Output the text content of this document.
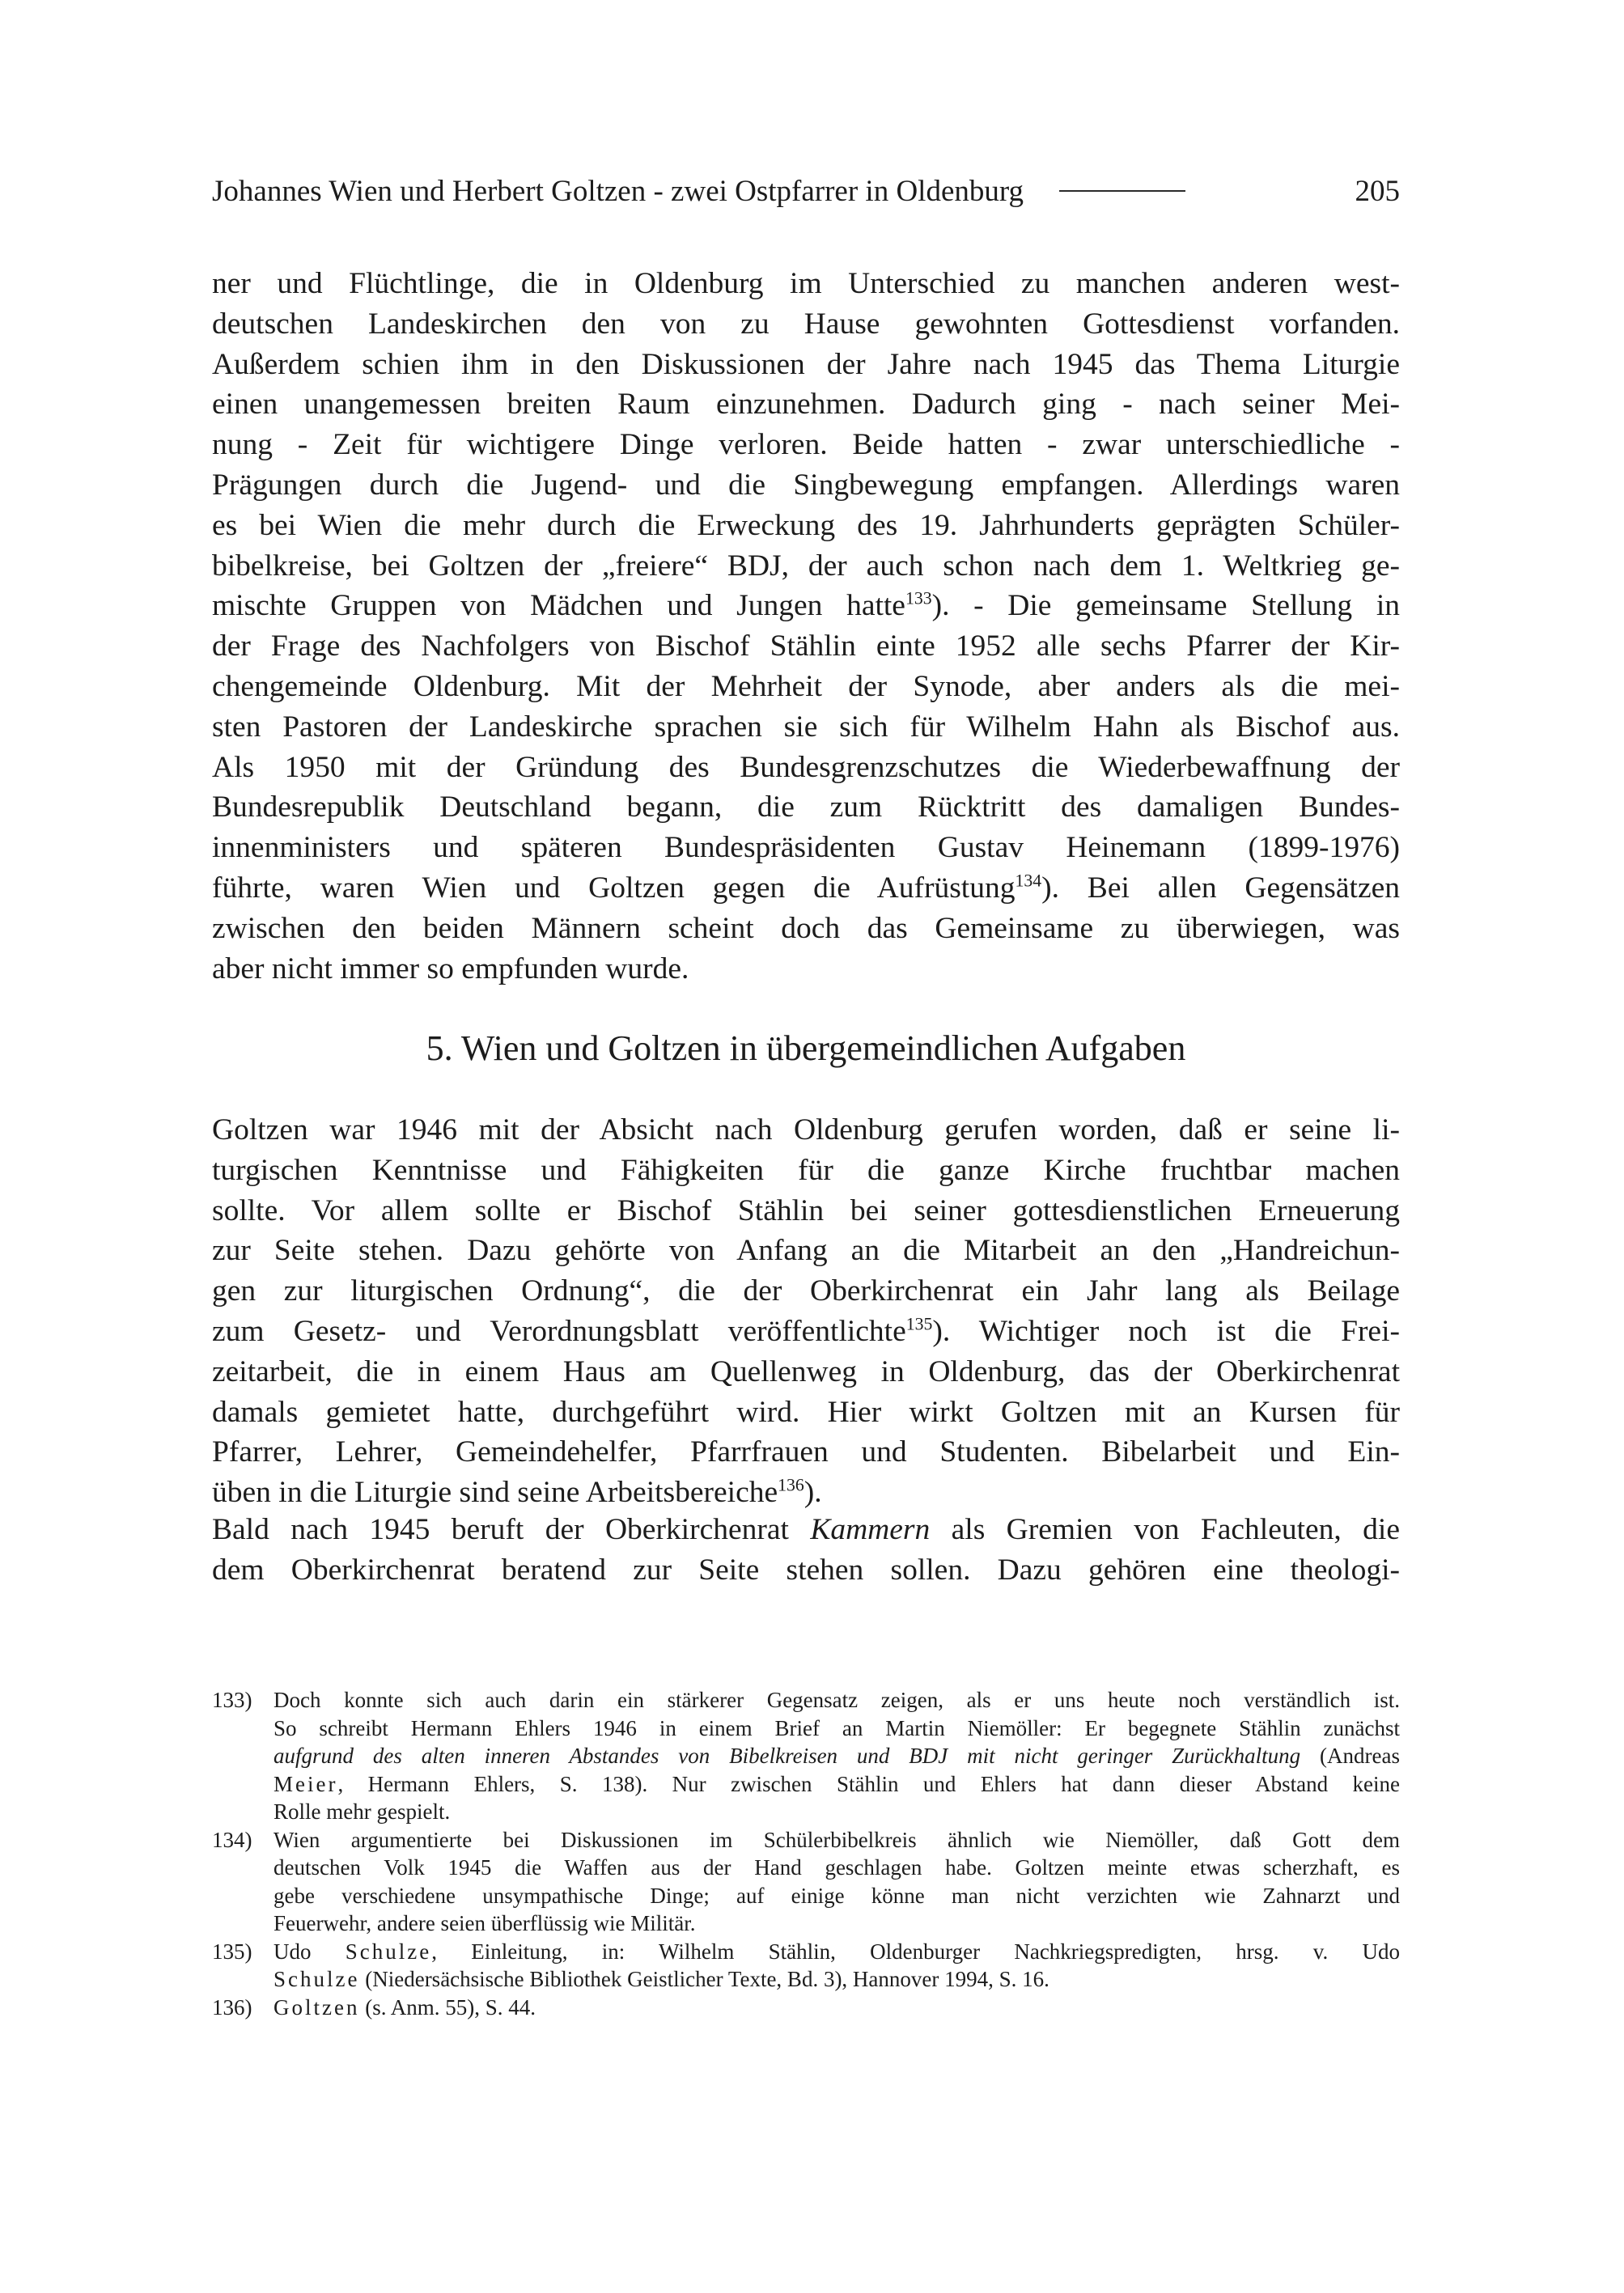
Johannes Wien und Herbert Goltzen - zwei Ostpfarrer in Oldenburg	205

ner und Flüchtlinge, die in Oldenburg im Unterschied zu manchen anderen west-
deutschen Landeskirchen den von zu Hause gewohnten Gottesdienst vorfanden.
Außerdem schien ihm in den Diskussionen der Jahre nach 1945 das Thema Liturgie
einen unangemessen breiten Raum einzunehmen. Dadurch ging - nach seiner Mei-
nung - Zeit für wichtigere Dinge verloren. Beide hatten - zwar unterschiedliche -
Prägungen durch die Jugend- und die Singbewegung empfangen. Allerdings waren
es bei Wien die mehr durch die Erweckung des 19. Jahrhunderts geprägten Schüler-
bibelkreise, bei Goltzen der „freiere“ BDJ, der auch schon nach dem 1. Weltkrieg ge-
mischte Gruppen von Mädchen und Jungen hatte$^{133}$). - Die gemeinsame Stellung in
der Frage des Nachfolgers von Bischof Stählin einte 1952 alle sechs Pfarrer der Kir-
chengemeinde Oldenburg. Mit der Mehrheit der Synode, aber anders als die mei-
sten Pastoren der Landeskirche sprachen sie sich für Wilhelm Hahn als Bischof aus.
Als 1950 mit der Gründung des Bundesgrenzschutzes die Wiederbewaffnung der
Bundesrepublik Deutschland begann, die zum Rücktritt des damaligen Bundes-
innenministers und späteren Bundespräsidenten Gustav Heinemann (1899-1976)
führte, waren Wien und Goltzen gegen die Aufrüstung$^{134}$). Bei allen Gegensätzen
zwischen den beiden Männern scheint doch das Gemeinsame zu überwiegen, was
aber nicht immer so empfunden wurde.

5. Wien und Goltzen in übergemeindlichen Aufgaben

Goltzen war 1946 mit der Absicht nach Oldenburg gerufen worden, daß er seine li-
turgischen Kenntnisse und Fähigkeiten für die ganze Kirche fruchtbar machen
sollte. Vor allem sollte er Bischof Stählin bei seiner gottesdienstlichen Erneuerung
zur Seite stehen. Dazu gehörte von Anfang an die Mitarbeit an den „Handreichun-
gen zur liturgischen Ordnung“, die der Oberkirchenrat ein Jahr lang als Beilage
zum Gesetz- und Verordnungsblatt veröffentlichte$^{135}$). Wichtiger noch ist die Frei-
zeitarbeit, die in einem Haus am Quellenweg in Oldenburg, das der Oberkirchenrat
damals gemietet hatte, durchgeführt wird. Hier wirkt Goltzen mit an Kursen für
Pfarrer, Lehrer, Gemeindehelfer, Pfarrfrauen und Studenten. Bibelarbeit und Ein-
üben in die Liturgie sind seine Arbeitsbereiche$^{136}$).

Bald nach 1945 beruft der Oberkirchenrat Kammern als Gremien von Fachleuten, die
dem Oberkirchenrat beratend zur Seite stehen sollen. Dazu gehören eine theologi-

133) Doch konnte sich auch darin ein stärkerer Gegensatz zeigen, als er uns heute noch verständlich ist.
So schreibt Hermann Ehlers 1946 in einem Brief an Martin Niemöller: Er begegnete Stählin zunächst
aufgrund des alten inneren Abstandes von Bibelkreisen und BDJ mit nicht geringer Zurückhaltung (Andreas
Meier, Hermann Ehlers, S. 138). Nur zwischen Stählin und Ehlers hat dann dieser Abstand keine
Rolle mehr gespielt.
134) Wien argumentierte bei Diskussionen im Schülerbibelkreis ähnlich wie Niemöller, daß Gott dem
deutschen Volk 1945 die Waffen aus der Hand geschlagen habe. Goltzen meinte etwas scherzhaft, es
gebe verschiedene unsympathische Dinge; auf einige könne man nicht verzichten wie Zahnarzt und
Feuerwehr, andere seien überflüssig wie Militär.
135) Udo Schulze, Einleitung, in: Wilhelm Stählin, Oldenburger Nachkriegspredigten, hrsg. v. Udo
Schulze (Niedersächsische Bibliothek Geistlicher Texte, Bd. 3), Hannover 1994, S. 16.
136) Goltzen (s. Anm. 55), S. 44.
